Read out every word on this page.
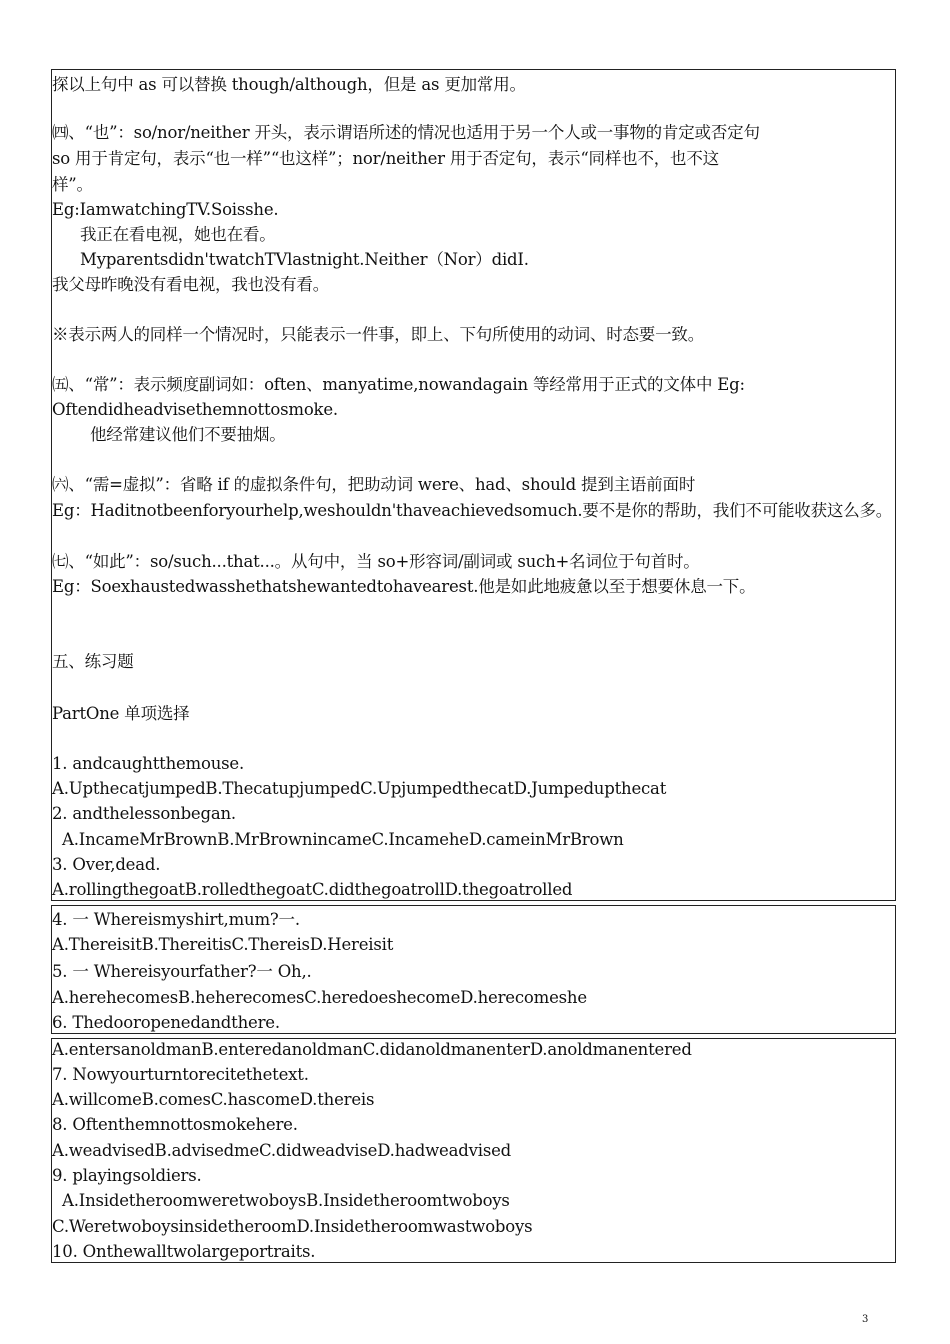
探以上句中 as 可以替换 though/although，但是 as 更加常用。
㈣、“也”：so/nor/neither 开头，表示谓语所述的情况也适用于另一个人或一事物的肯定或否定句
so 用于肯定句，表示“也一样”“也这样”；nor/neither 用于否定句，表示“同样也不，也不这
样”。
Eg:IamwatchingTV.Soisshe.
我正在看电视，她也在看。
Myparentsdidn'twatchTVlastnight.Neither（Nor）didI.
我父母昨晚没有看电视，我也没有看。
※表示两人的同样一个情况时，只能表示一件事，即上、下句所使用的动词、时态要一致。
㈤、“常”：表示频度副词如：often、manyatime,nowandagain 等经常用于正式的文体中 Eg:
Oftendidheadvisethemnottosmoke.
他经常建议他们不要抽烟。
㈥、“需=虚拟”：省略 if 的虚拟条件句，把助动词 were、had、should 提到主语前面时
Eg：Haditnotbeenforyourhelp,weshouldn'thaveachievedsomuch.要不是你的帮助，我们不可能收获这么多。
㈦、“如此”：so/such...that...。从句中，当 so+形容词/副词或 such+名词位于句首时。
Eg：Soexhaustedwasshethatshewantedtohavearest.他是如此地疲惫以至于想要休息一下。
五、练习题
PartOne 单项选择
1. andcaughtthemouse.
A.UpthecatjumpedB.ThecatupjumpedC.UpjumpedthecatD.Jumpedupthecat
2. andthelessonbegan.
A.IncameMrBrownB.MrBrownincameC.IncameheD.cameinMrBrown
3. Over,dead.
A.rollingthegoatB.rolledthegoatC.didthegoatrollD.thegoatrolled
4. 一 Whereismyshirt,mum?一.
A.ThereisitB.ThereitisC.ThereisD.Hereisit
5. 一 Whereisyourfather?一 Oh,.
A.herehecomesB.hehereсomesC.heredoeshecomeD.herecomeshe
6. Thedooropenedandthere.
A.entersanoldmanB.enteredanoldmanC.didanoldmanenterD.anoldmanentered
7. Nowyourturntorecitethetext.
A.willcomeB.comesC.hascomeD.thereis
8. Oftenthemnottosmokehere.
A.weadvisedB.advisedmeC.didweadviseD.hadweadvised
9. playingsoldiers.
A.InsidetheroomweretwoboysB.Insidetheroomtwoboys
C.WeretwoboysinsidetheroomD.Insidetheroomwastwoboys
10. Onthewalltwolargeportraits.
3
